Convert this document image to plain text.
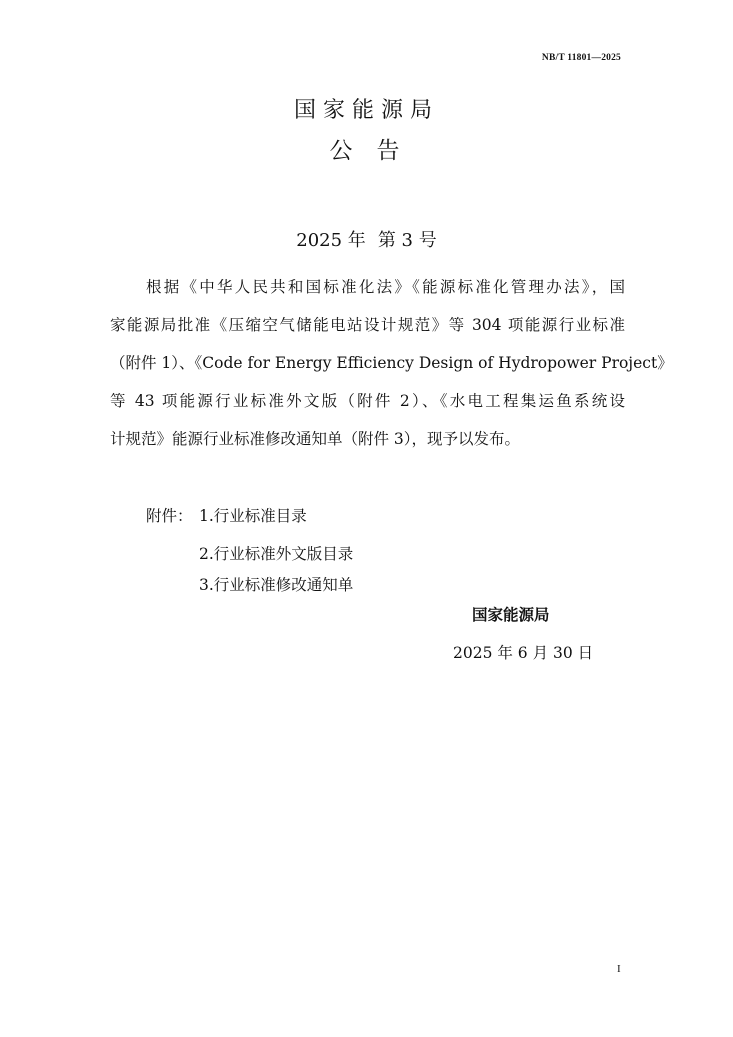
NB/T 11801—2025
国家能源局
公告
2025 年 第 3 号
根据《中华人民共和国标准化法》《能源标准化管理办法》，国
家能源局批准《压缩空气储能电站设计规范》等 304 项能源行业标准
（附件 1）、《Code for Energy Efficiency Design of Hydropower Project》
等 43 项能源行业标准外文版（附件 2）、《水电工程集运鱼系统设
计规范》能源行业标准修改通知单（附件 3），现予以发布。
附件： 1.行业标准目录
2.行业标准外文版目录
3.行业标准修改通知单
国家能源局
2025 年 6 月 30 日
I
